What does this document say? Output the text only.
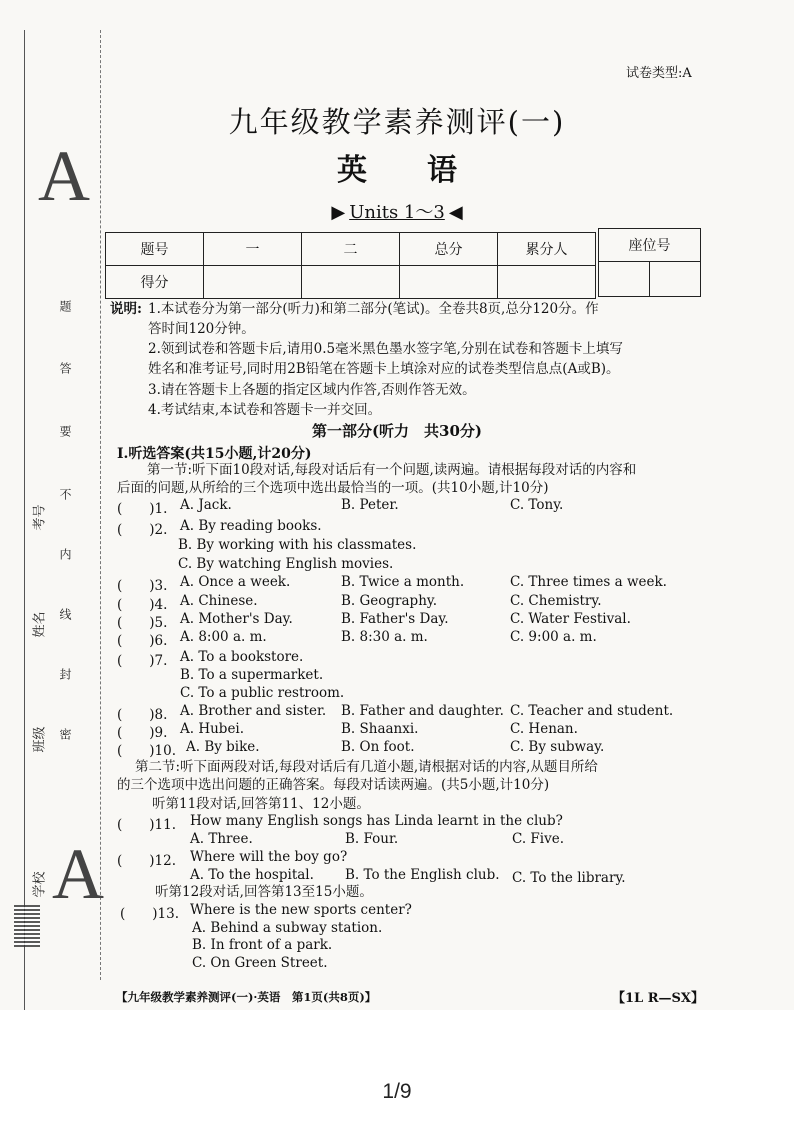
A
A
题
答
要
不
内
线
封
密
学校
班级
姓名
考号
试卷类型:A
九年级教学素养测评(一)
英语
▶ Units 1～3 ◀
题号	一	二	总分	累分人
得分				
座位号

说明: 1.本试卷分为第一部分(听力)和第二部分(笔试)。全卷共8页,总分120分。作
答时间120分钟。
2.领到试卷和答题卡后,请用0.5毫米黑色墨水签字笔,分别在试卷和答题卡上填写
姓名和准考证号,同时用2B铅笔在答题卡上填涂对应的试卷类型信息点(A或B)。
3.请在答题卡上各题的指定区域内作答,否则作答无效。
4.考试结束,本试卷和答题卡一并交回。
第一部分(听力　共30分)
Ⅰ.听选答案(共15小题,计20分)
第一节:听下面10段对话,每段对话后有一个问题,读两遍。请根据每段对话的内容和
后面的问题,从所给的三个选项中选出最恰当的一项。(共10小题,计10分)
(　　)1. A. Jack.	B. Peter.	C. Tony.
(　　)2. A. By reading books.
B. By working with his classmates.
C. By watching English movies.
(　　)3. A. Once a week.	B. Twice a month.	C. Three times a week.
(　　)4. A. Chinese.	B. Geography.	C. Chemistry.
(　　)5. A. Mother's Day.	B. Father's Day.	C. Water Festival.
(　　)6. A. 8:00 a. m.	B. 8:30 a. m.	C. 9:00 a. m.
(　　)7. A. To a bookstore.
B. To a supermarket.
C. To a public restroom.
(　　)8. A. Brother and sister. B. Father and daughter. C. Teacher and student.
(　　)9. A. Hubei.	B. Shaanxi.	C. Henan.
(　　)10. A. By bike.	B. On foot.	C. By subway.
第二节:听下面两段对话,每段对话后有几道小题,请根据对话的内容,从题目所给
的三个选项中选出问题的正确答案。每段对话读两遍。(共5小题,计10分)
听第11段对话,回答第11、12小题。
(　　)11. How many English songs has Linda learnt in the club?
A. Three.	B. Four.	C. Five.
(　　)12. Where will the boy go?
A. To the hospital. B. To the English club. C. To the library.
听第12段对话,回答第13至15小题。
(　　)13. Where is the new sports center?
A. Behind a subway station.
B. In front of a park.
C. On Green Street.
【九年级教学素养测评(一)·英语　第1页(共8页)】	【1L R—SX】
1/9
